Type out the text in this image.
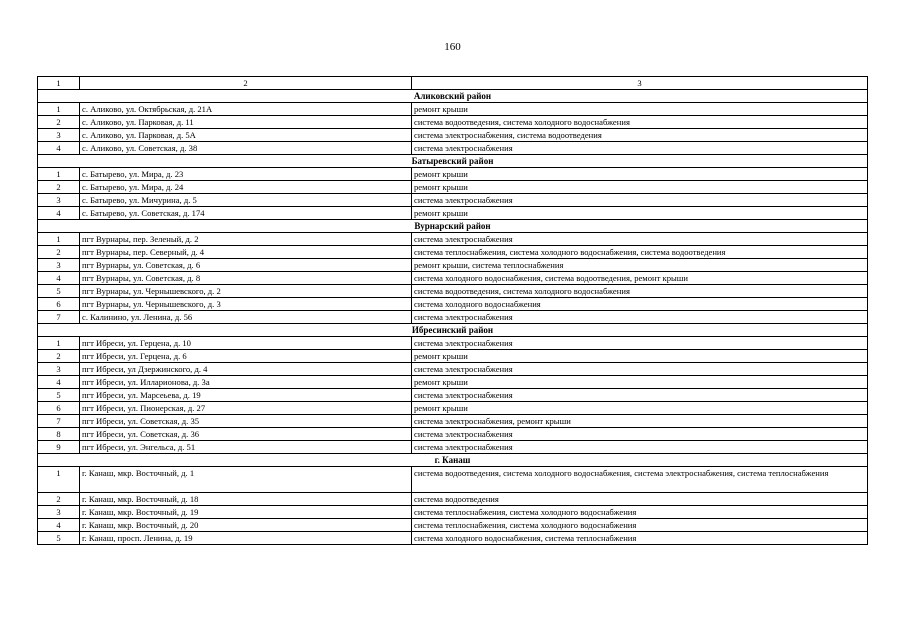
160
1	2	3
Аликовский район		
1	с. Аликово, ул. Октябрьская, д. 21А	ремонт крыши
2	с. Аликово, ул. Парковая, д. 11	система водоотведения, система холодного водоснабжения
3	с. Аликово, ул. Парковая, д. 5А	система электроснабжения, система водоотведения
4	с. Аликово, ул. Советская, д. 38	система электроснабжения
Батыревский район		
1	с. Батырево, ул. Мира, д. 23	ремонт крыши
2	с. Батырево, ул. Мира, д. 24	ремонт крыши
3	с. Батырево, ул. Мичурина, д. 5	система электроснабжения
4	с. Батырево, ул. Советская, д. 174	ремонт крыши
Вурнарский район		
1	пгт Вурнары, пер. Зеленый, д. 2	система электроснабжения
2	пгт Вурнары, пер. Северный, д. 4	система теплоснабжения, система холодного водоснабжения, система водоотведения
3	пгт Вурнары, ул. Советская, д. 6	ремонт крыши, система теплоснабжения
4	пгт Вурнары, ул. Советская, д. 8	система холодного водоснабжения, система водоотведения, ремонт крыши
5	пгт Вурнары, ул. Чернышевского, д. 2	система водоотведения, система холодного водоснабжения
6	пгт Вурнары, ул. Чернышевского, д. 3	система холодного водоснабжения
7	с. Калинино, ул. Ленина, д. 56	система электроснабжения
Ибресинский район		
1	пгт Ибреси, ул. Герцена, д. 10	система электроснабжения
2	пгт Ибреси, ул. Герцена, д. 6	ремонт крыши
3	пгт Ибреси, ул Дзержинского, д. 4	система электроснабжения
4	пгт Ибреси, ул. Илларионова, д. 3а	ремонт крыши
5	пгт Ибреси, ул. Марсеьева, д. 19	система электроснабжения
6	пгт Ибреси, ул. Пионерская, д. 27	ремонт крыши
7	пгт Ибреси, ул. Советская, д. 35	система электроснабжения, ремонт крыши
8	пгт Ибреси, ул. Советская, д. 36	система электроснабжения
9	пгт Ибреси, ул. Энгельса, д. 51	система электроснабжения
г. Канаш		
1	г. Канаш, мкр. Восточный, д. 1	система водоотведения, система холодного водоснабжения, система электроснабжения, система теплоснабжения
2	г. Канаш, мкр. Восточный, д. 18	система водоотведения
3	г. Канаш, мкр. Восточный, д. 19	система теплоснабжения, система холодного водоснабжения
4	г. Канаш, мкр. Восточный, д. 20	система теплоснабжения, система холодного водоснабжения
5	г. Канаш, просп. Ленина, д. 19	система холодного водоснабжения, система теплоснабжения
